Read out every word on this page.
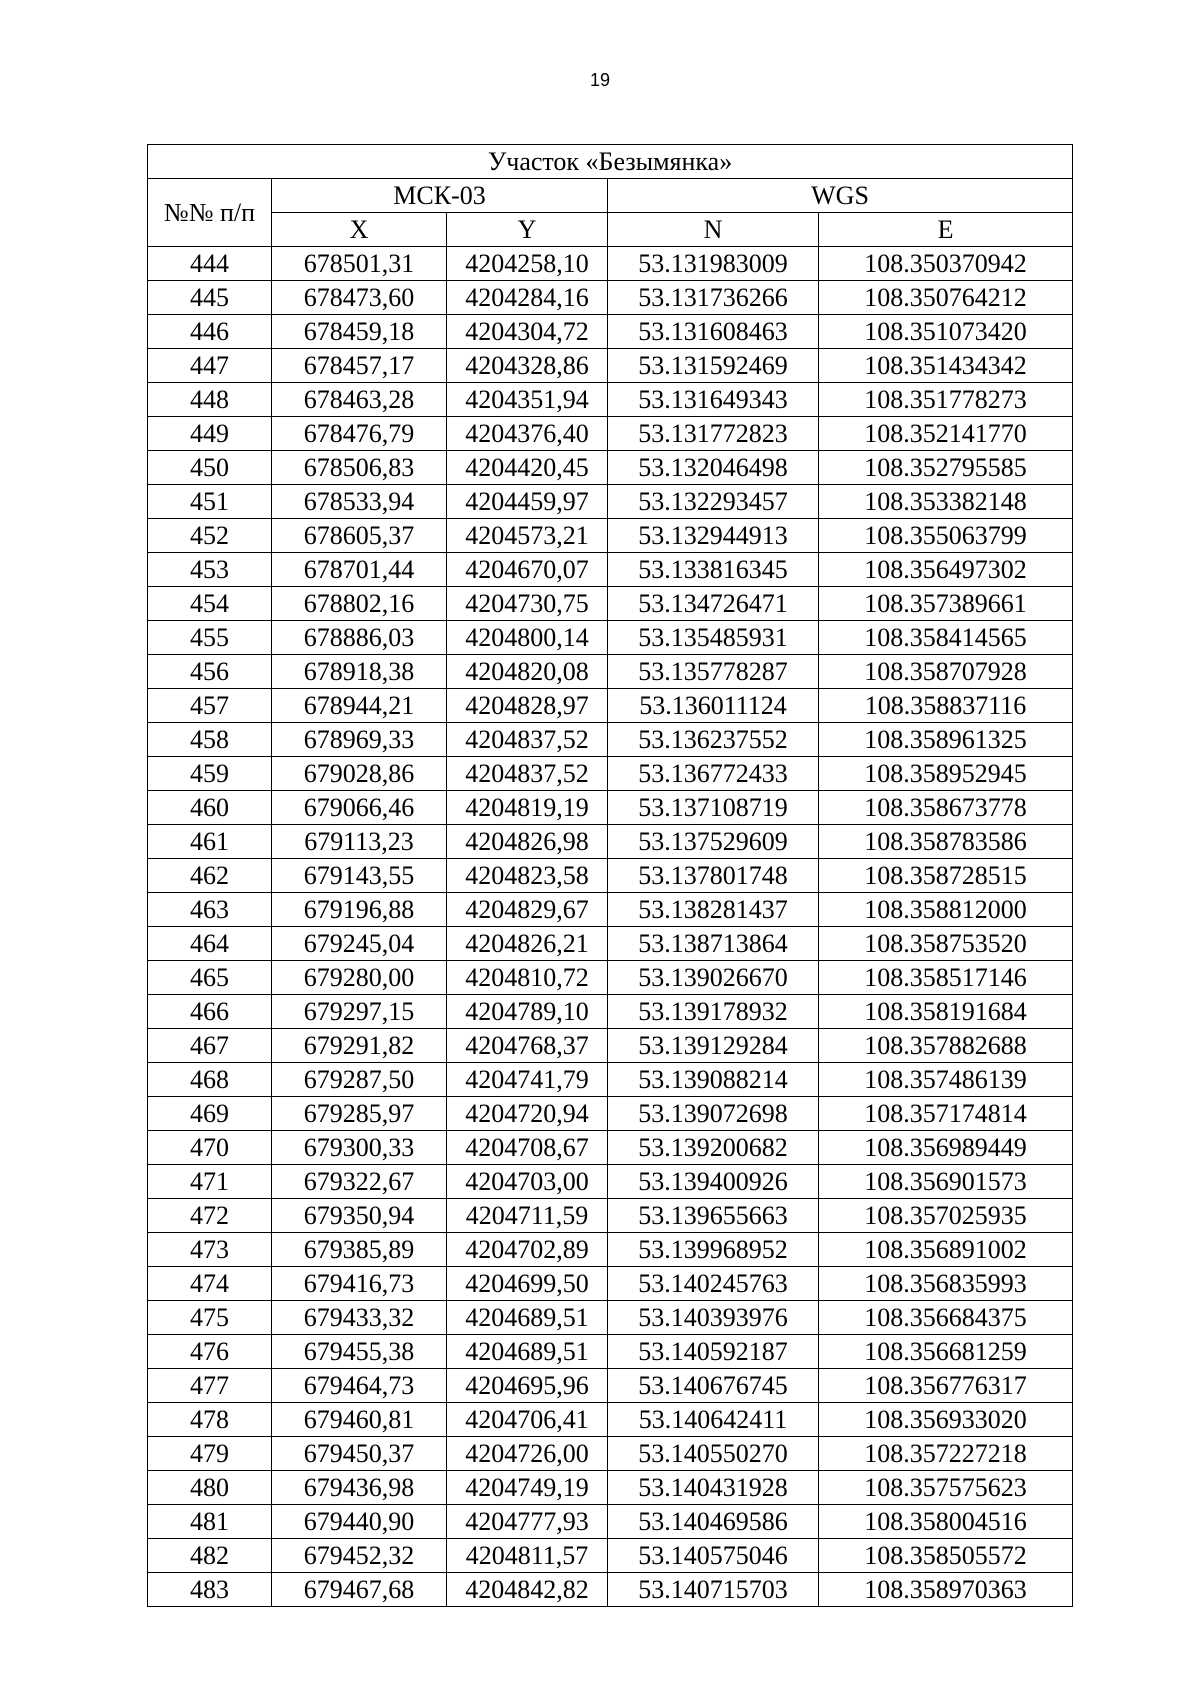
19
Участок «Безымянка»				
№№ п/п	МСК-03		WGS	
	X	Y	N	E
444	678501,31	4204258,10	53.131983009	108.350370942
445	678473,60	4204284,16	53.131736266	108.350764212
446	678459,18	4204304,72	53.131608463	108.351073420
447	678457,17	4204328,86	53.131592469	108.351434342
448	678463,28	4204351,94	53.131649343	108.351778273
449	678476,79	4204376,40	53.131772823	108.352141770
450	678506,83	4204420,45	53.132046498	108.352795585
451	678533,94	4204459,97	53.132293457	108.353382148
452	678605,37	4204573,21	53.132944913	108.355063799
453	678701,44	4204670,07	53.133816345	108.356497302
454	678802,16	4204730,75	53.134726471	108.357389661
455	678886,03	4204800,14	53.135485931	108.358414565
456	678918,38	4204820,08	53.135778287	108.358707928
457	678944,21	4204828,97	53.136011124	108.358837116
458	678969,33	4204837,52	53.136237552	108.358961325
459	679028,86	4204837,52	53.136772433	108.358952945
460	679066,46	4204819,19	53.137108719	108.358673778
461	679113,23	4204826,98	53.137529609	108.358783586
462	679143,55	4204823,58	53.137801748	108.358728515
463	679196,88	4204829,67	53.138281437	108.358812000
464	679245,04	4204826,21	53.138713864	108.358753520
465	679280,00	4204810,72	53.139026670	108.358517146
466	679297,15	4204789,10	53.139178932	108.358191684
467	679291,82	4204768,37	53.139129284	108.357882688
468	679287,50	4204741,79	53.139088214	108.357486139
469	679285,97	4204720,94	53.139072698	108.357174814
470	679300,33	4204708,67	53.139200682	108.356989449
471	679322,67	4204703,00	53.139400926	108.356901573
472	679350,94	4204711,59	53.139655663	108.357025935
473	679385,89	4204702,89	53.139968952	108.356891002
474	679416,73	4204699,50	53.140245763	108.356835993
475	679433,32	4204689,51	53.140393976	108.356684375
476	679455,38	4204689,51	53.140592187	108.356681259
477	679464,73	4204695,96	53.140676745	108.356776317
478	679460,81	4204706,41	53.140642411	108.356933020
479	679450,37	4204726,00	53.140550270	108.357227218
480	679436,98	4204749,19	53.140431928	108.357575623
481	679440,90	4204777,93	53.140469586	108.358004516
482	679452,32	4204811,57	53.140575046	108.358505572
483	679467,68	4204842,82	53.140715703	108.358970363
